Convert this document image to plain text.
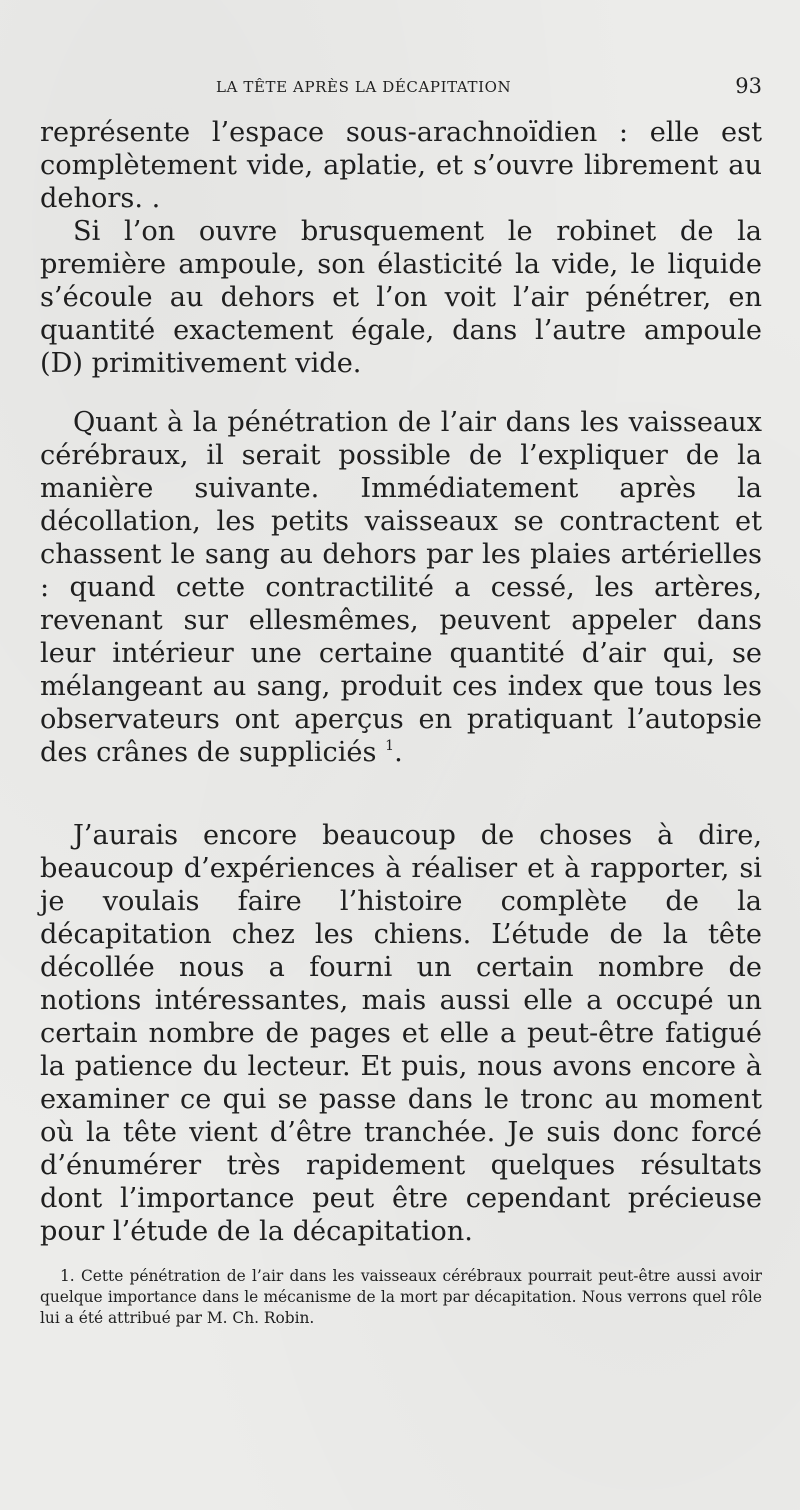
LA TÊTE APRÈS LA DÉCAPITATION	93

représente l’espace sous-arachnoïdien : elle est complètement vide, aplatie, et s’ouvre librement au dehors. .

Si l’on ouvre brusquement le robinet de la première ampoule, son élasticité la vide, le liquide s’écoule au dehors et l’on voit l’air pénétrer, en quantité exactement égale, dans l’autre ampoule (D) primitivement vide.

Quant à la pénétration de l’air dans les vaisseaux cérébraux, il serait possible de l’expliquer de la manière suivante. Immédiatement après la décollation, les petits vaisseaux se contractent et chassent le sang au dehors par les plaies artérielles : quand cette contractilité a cessé, les artères, revenant sur ellesmêmes, peuvent appeler dans leur intérieur une certaine quantité d’air qui, se mélangeant au sang, produit ces index que tous les observateurs ont aperçus en pratiquant l’autopsie des crânes de suppliciés $^1$.

J’aurais encore beaucoup de choses à dire, beaucoup d’expériences à réaliser et à rapporter, si je voulais faire l’histoire complète de la décapitation chez les chiens. L’étude de la tête décollée nous a fourni un certain nombre de notions intéressantes, mais aussi elle a occupé un certain nombre de pages et elle a peut-être fatigué la patience du lecteur. Et puis, nous avons encore à examiner ce qui se passe dans le tronc au moment où la tête vient d’être tranchée. Je suis donc forcé d’énumérer très rapidement quelques résultats dont l’importance peut être cependant précieuse pour l’étude de la décapitation.

1. Cette pénétration de l’air dans les vaisseaux cérébraux pourrait peut-être aussi avoir quelque importance dans le mécanisme de la mort par décapitation. Nous verrons quel rôle lui a été attribué par M. Ch. Robin.
